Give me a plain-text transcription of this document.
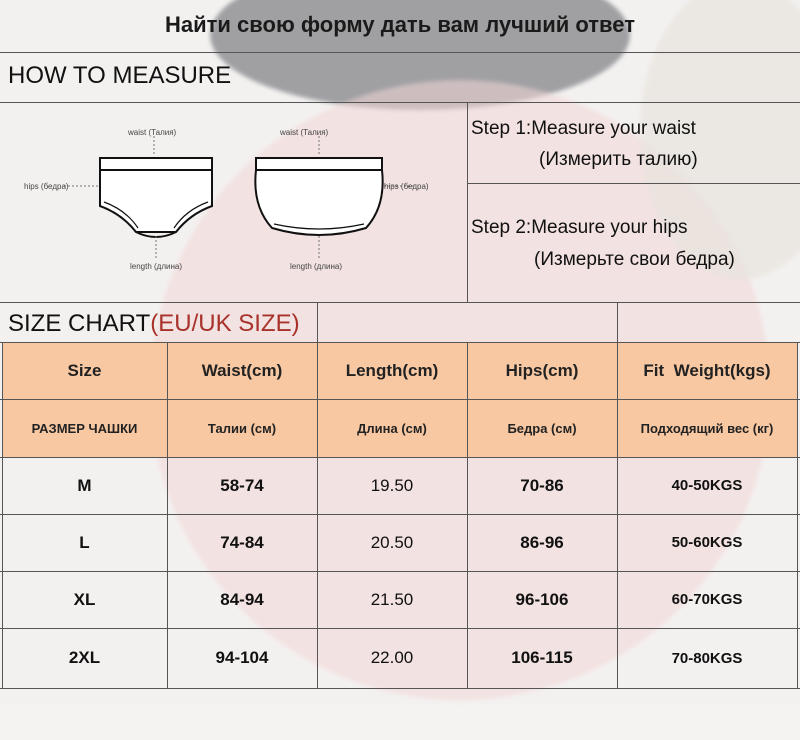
Найти свою форму дать вам лучший ответ
HOW TO MEASURE
waist (Талия)	waist (Талия)
hips (бедра)	hips (бедра)
length (длина)	length (длина)
Step 1:Measure your waist
(Измерить талию)
Step 2:Measure your hips
(Измерьте свои бедра)
SIZE CHART(EU/UK SIZE)
Size	Waist(cm)	Length(cm)	Hips(cm)	Fit  Weight(kgs)
РАЗМЕР ЧАШКИ	Талии (см)	Длина (см)	Бедра (см)	Подходящий вес (кг)
M	58-74	19.50	70-86	40-50KGS
L	74-84	20.50	86-96	50-60KGS
XL	84-94	21.50	96-106	60-70KGS
2XL	94-104	22.00	106-115	70-80KGS
